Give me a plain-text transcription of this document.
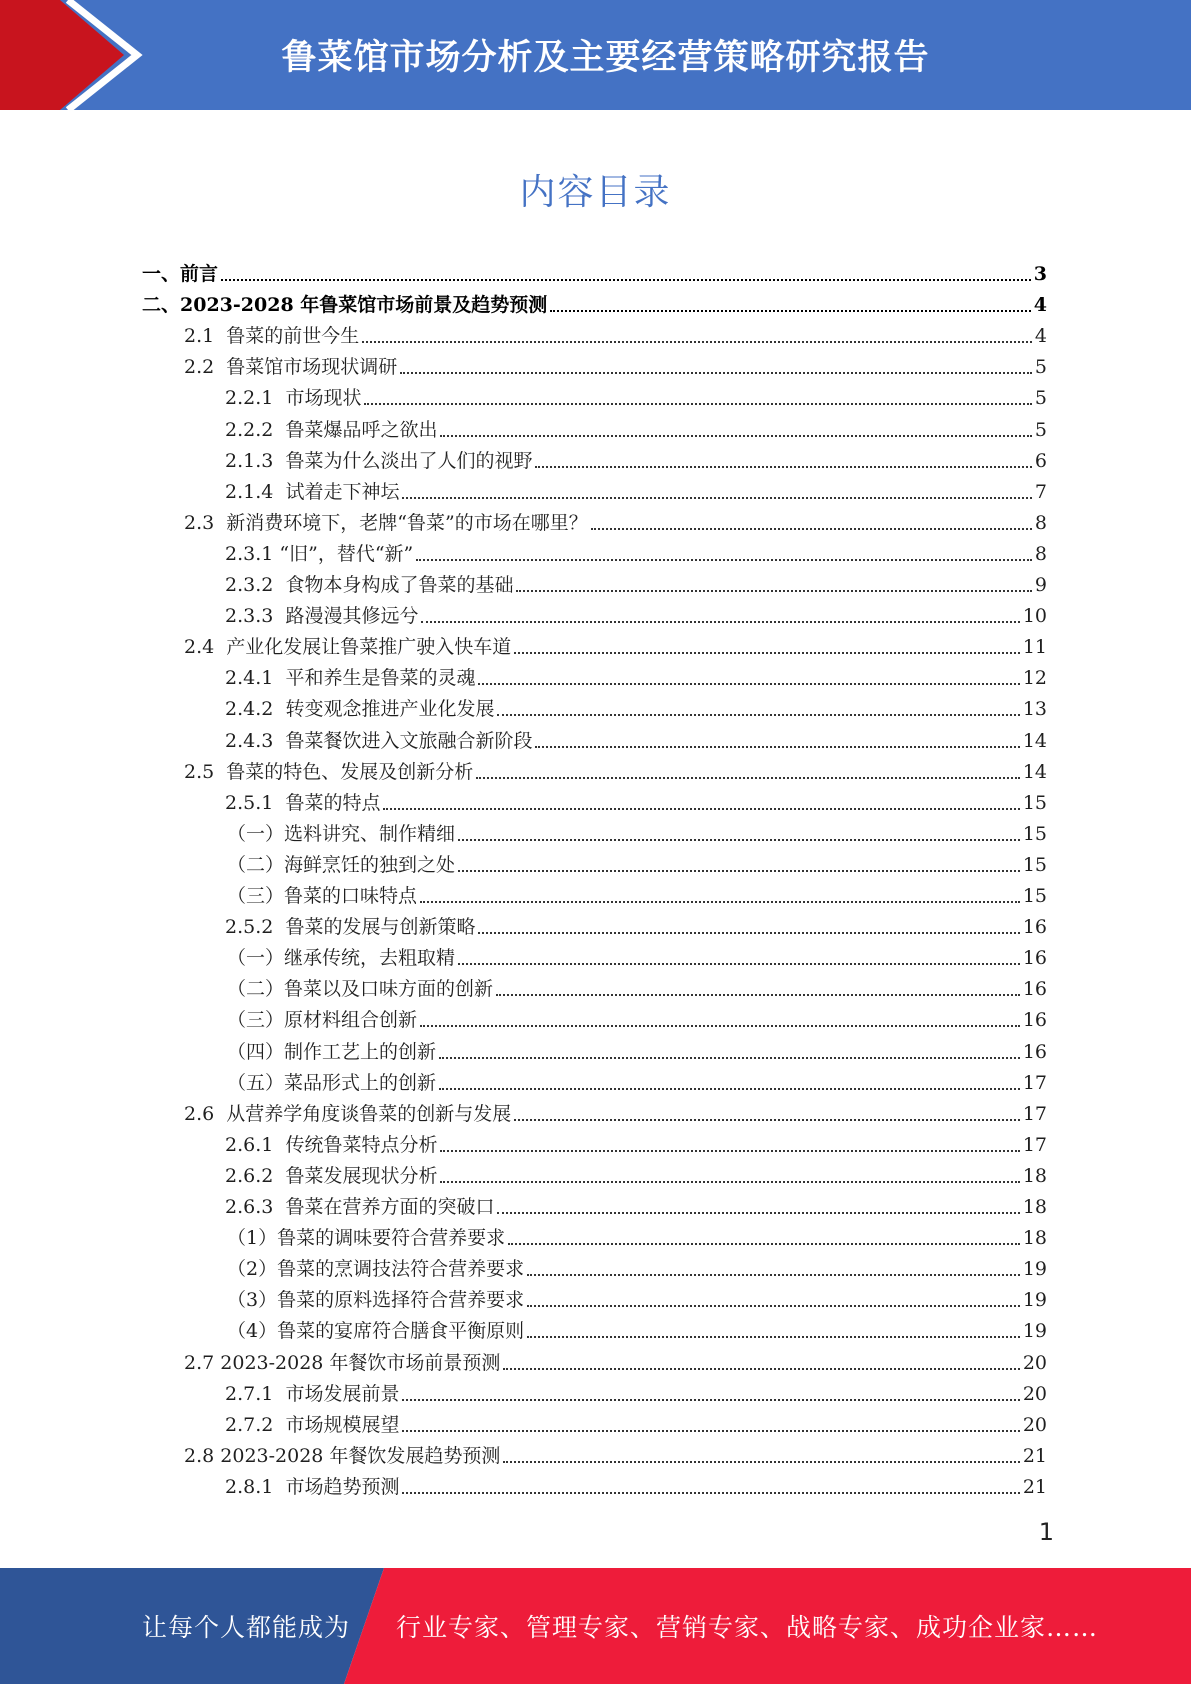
鲁菜馆市场分析及主要经营策略研究报告
内容目录
一、 前言	3
二、 2023-2028 年鲁菜馆市场前景及趋势预测	4
2.1 鲁菜的前世今生	4
2.2 鲁菜馆市场现状调研	5
2.2.1 市场现状	5
2.2.2 鲁菜爆品呼之欲出	5
2.1.3 鲁菜为什么淡出了人们的视野	6
2.1.4 试着走下神坛	7
2.3 新消费环境下，老牌“鲁菜”的市场在哪里？	8
2.3.1 “旧”，替代“新”	8
2.3.2 食物本身构成了鲁菜的基础	9
2.3.3 路漫漫其修远兮	10
2.4 产业化发展让鲁菜推广驶入快车道	11
2.4.1 平和养生是鲁菜的灵魂	12
2.4.2 转变观念推进产业化发展	13
2.4.3 鲁菜餐饮进入文旅融合新阶段	14
2.5 鲁菜的特色、发展及创新分析	14
2.5.1 鲁菜的特点	15
（一） 选料讲究、制作精细	15
（二） 海鲜烹饪的独到之处	15
（三） 鲁菜的口味特点	15
2.5.2 鲁菜的发展与创新策略	16
（一） 继承传统，去粗取精	16
（二） 鲁菜以及口味方面的创新	16
（三） 原材料组合创新	16
（四） 制作工艺上的创新	16
（五） 菜品形式上的创新	17
2.6 从营养学角度谈鲁菜的创新与发展	17
2.6.1 传统鲁菜特点分析	17
2.6.2 鲁菜发展现状分析	18
2.6.3 鲁菜在营养方面的突破口	18
（1） 鲁菜的调味要符合营养要求	18
（2） 鲁菜的烹调技法符合营养要求	19
（3） 鲁菜的原料选择符合营养要求	19
（4） 鲁菜的宴席符合膳食平衡原则	19
2.7 2023-2028 年餐饮市场前景预测	20
2.7.1 市场发展前景	20
2.7.2 市场规模展望	20
2.8 2023-2028 年餐饮发展趋势预测	21
2.8.1 市场趋势预测	21
1
让每个人都能成为 行业专家、管理专家、营销专家、战略专家、成功企业家……
